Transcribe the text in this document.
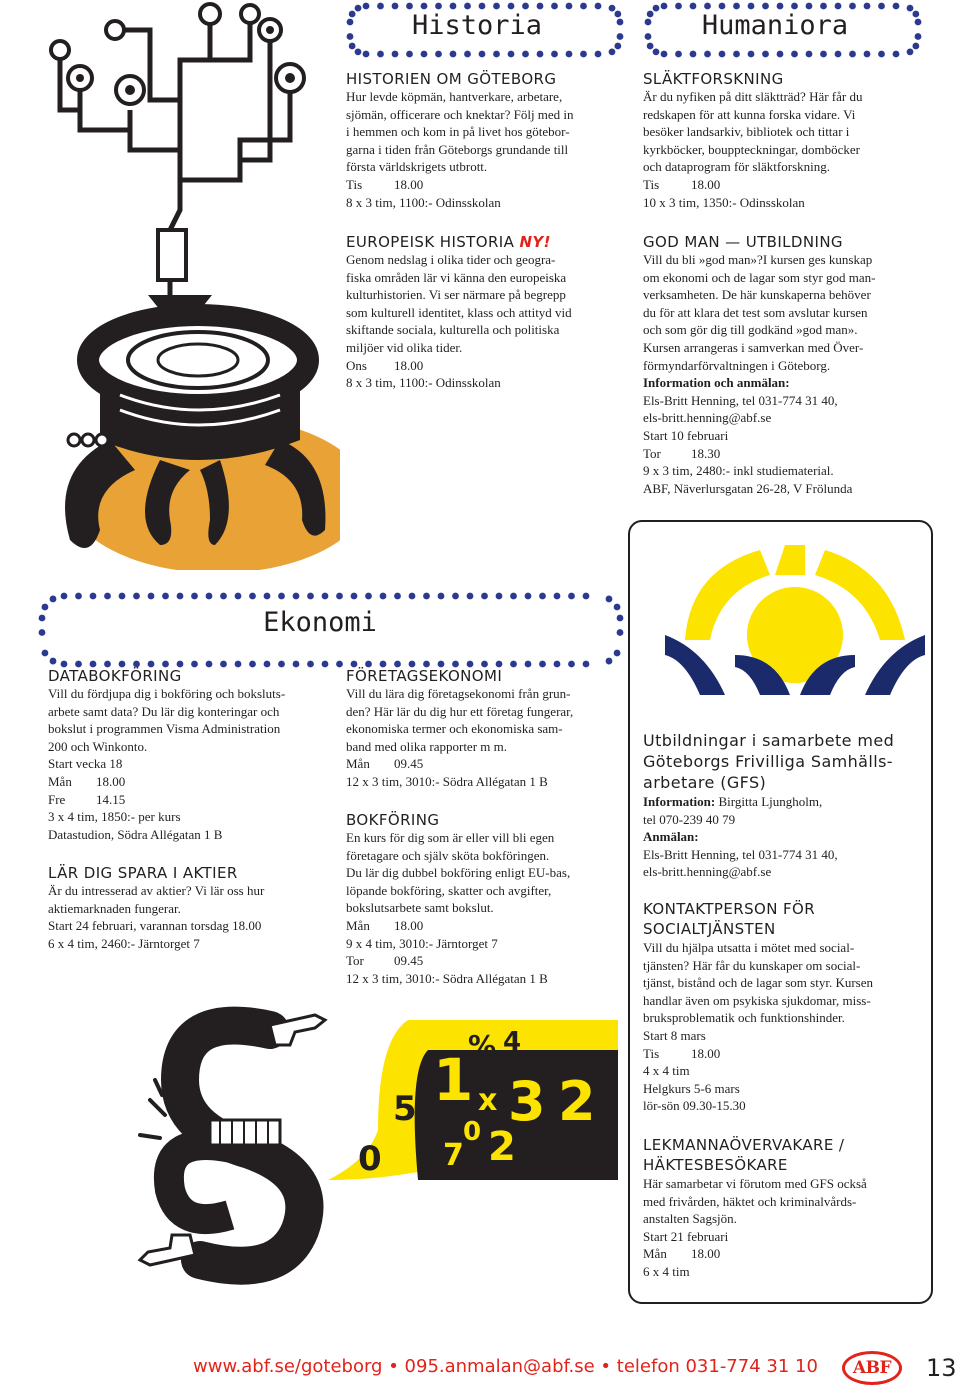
Historia	Humaniora
HISTORIEN OM GÖTEBORG
Hur levde köpmän, hantverkare, arbetare,
sjömän, officerare och knektar? Följ med in
i hemmen och kom in på livet hos götebor-
garna i tiden från Göteborgs grundande till
första världskrigets utbrott.
Tis 18.00
8 x 3 tim, 1100:- Odinsskolan
EUROPEISK HISTORIA NY!
Genom nedslag i olika tider och geogra-
fiska områden lär vi känna den europeiska
kulturhistorien. Vi ser närmare på begrepp
som kulturell identitet, klass och attityd vid
skiftande sociala, kulturella och politiska
miljöer vid olika tider.
Ons 18.00
8 x 3 tim, 1100:- Odinsskolan
SLÄKTFORSKNING
Är du nyfiken på ditt släktträd? Här får du
redskapen för att kunna forska vidare. Vi
besöker landsarkiv, bibliotek och tittar i
kyrkböcker, bouppteckningar, domböcker
och dataprogram för släktforskning.
Tis 18.00
10 x 3 tim, 1350:- Odinsskolan
GOD MAN — UTBILDNING
Vill du bli »god man»?I kursen ges kunskap
om ekonomi och de lagar som styr god man-
verksamheten. De här kunskaperna behöver
du för att klara det test som avslutar kursen
och som gör dig till godkänd »god man».
Kursen arrangeras i samverkan med Över-
förmyndarförvaltningen i Göteborg.
Information och anmälan:
Els-Britt Henning, tel 031-774 31 40,
els-britt.henning@abf.se
Start 10 februari
Tor 18.30
9 x 3 tim, 2480:- inkl studiematerial.
ABF, Näverlursgatan 26-28, V Frölunda
Ekonomi
DATABOKFÖRING
Vill du fördjupa dig i bokföring och boksluts-
arbete samt data? Du lär dig konteringar och
bokslut i programmen Visma Administration
200 och Winkonto.
Start vecka 18
Mån 18.00
Fre 14.15
3 x 4 tim, 1850:- per kurs
Datastudion, Södra Allégatan 1 B
LÄR DIG SPARA I AKTIER
Är du intresserad av aktier? Vi lär oss hur
aktiemarknaden fungerar.
Start 24 februari, varannan torsdag 18.00
6 x 4 tim, 2460:- Järntorget 7
FÖRETAGSEKONOMI
Vill du lära dig företagsekonomi från grun-
den? Här lär du dig hur ett företag fungerar,
ekonomiska termer och ekonomiska sam-
band med olika rapporter m m.
Mån 09.45
12 x 3 tim, 3010:- Södra Allégatan 1 B
BOKFÖRING
En kurs för dig som är eller vill bli egen
företagare och själv sköta bokföringen.
Du lär dig dubbel bokföring enligt EU-bas,
löpande bokföring, skatter och avgifter,
bokslutsarbete samt bokslut.
Mån 18.00
9 x 4 tim, 3010:- Järntorget 7
Tor 09.45
12 x 3 tim, 3010:- Södra Allégatan 1 B
1
% 4
x 3 2
0
7 2
5
0
Utbildningar i samarbete med
Göteborgs Frivilliga Samhälls-
arbetare (GFS)
Information: Birgitta Ljungholm,
tel 070-239 40 79
Anmälan:
Els-Britt Henning, tel 031-774 31 40,
els-britt.henning@abf.se
KONTAKTPERSON FÖR
SOCIALTJÄNSTEN
Vill du hjälpa utsatta i mötet med social-
tjänsten? Här får du kunskaper om social-
tjänst, bistånd och de lagar som styr. Kursen
handlar även om psykiska sjukdomar, miss-
bruksproblematik och funktionshinder.
Start 8 mars
Tis 18.00
4 x 4 tim
Helgkurs 5-6 mars
lör-sön 09.30-15.30
LEKMANNAÖVERVAKARE /
HÄKTESBESÖKARE
Här samarbetar vi förutom med GFS också
med frivården, häktet och kriminalvårds-
anstalten Sagsjön.
Start 21 februari
Mån 18.00
6 x 4 tim
www.abf.se/goteborg • 095.anmalan@abf.se • telefon 031-774 31 10 ABF 13
